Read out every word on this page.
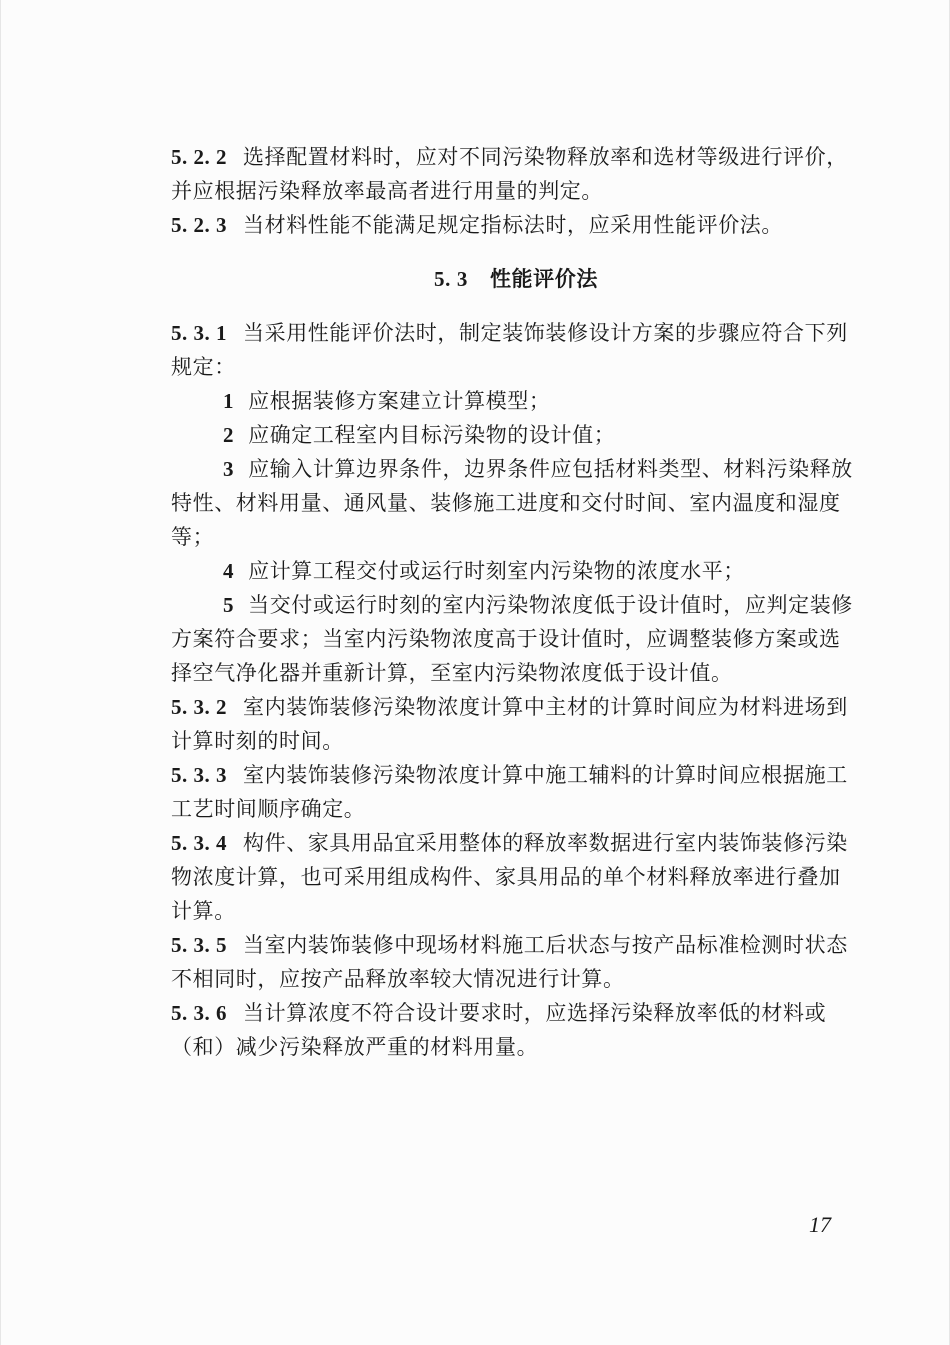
5. 2. 2 选择配置材料时，应对不同污染物释放率和选材等级进行评价，并应根据污染释放率最高者进行用量的判定。

5. 2. 3 当材料性能不能满足规定指标法时，应采用性能评价法。

5. 3 性能评价法

5. 3. 1 当采用性能评价法时，制定装饰装修设计方案的步骤应符合下列规定：

1 应根据装修方案建立计算模型；

2 应确定工程室内目标污染物的设计值；

3 应输入计算边界条件，边界条件应包括材料类型、材料污染释放特性、材料用量、通风量、装修施工进度和交付时间、室内温度和湿度等；

4 应计算工程交付或运行时刻室内污染物的浓度水平；

5 当交付或运行时刻的室内污染物浓度低于设计值时，应判定装修方案符合要求；当室内污染物浓度高于设计值时，应调整装修方案或选择空气净化器并重新计算，至室内污染物浓度低于设计值。

5. 3. 2 室内装饰装修污染物浓度计算中主材的计算时间应为材料进场到计算时刻的时间。

5. 3. 3 室内装饰装修污染物浓度计算中施工辅料的计算时间应根据施工工艺时间顺序确定。

5. 3. 4 构件、家具用品宜采用整体的释放率数据进行室内装饰装修污染物浓度计算，也可采用组成构件、家具用品的单个材料释放率进行叠加计算。

5. 3. 5 当室内装饰装修中现场材料施工后状态与按产品标准检测时状态不相同时，应按产品释放率较大情况进行计算。

5. 3. 6 当计算浓度不符合设计要求时，应选择污染释放率低的材料或（和）减少污染释放严重的材料用量。

17
